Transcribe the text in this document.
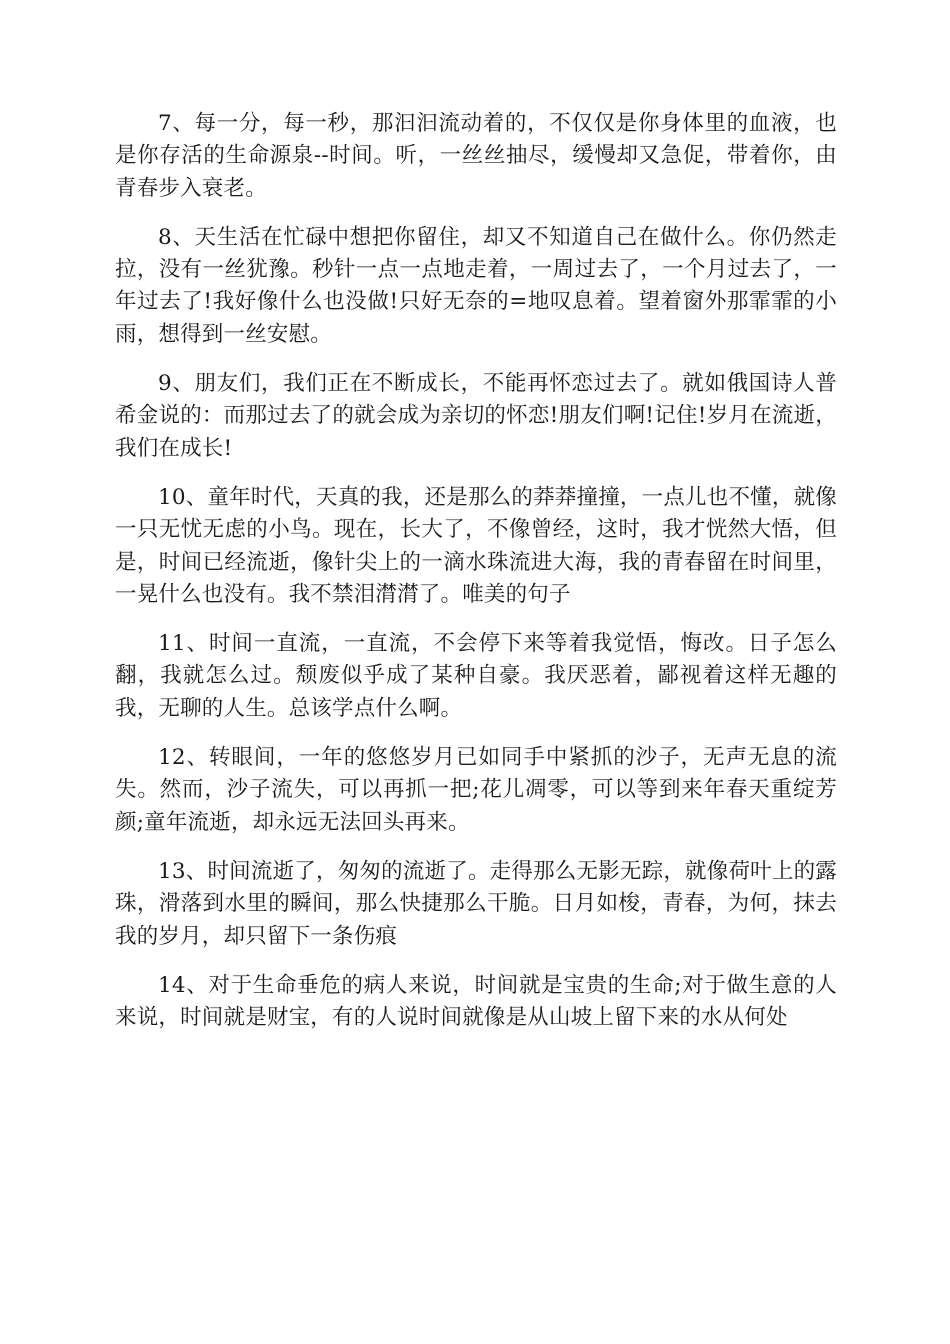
7、每一分，每一秒，那汩汩流动着的，不仅仅是你身体里的血液，也是你存活的生命源泉--时间。听，一丝丝抽尽，缓慢却又急促，带着你，由青春步入衰老。

8、天生活在忙碌中想把你留住，却又不知道自己在做什么。你仍然走拉，没有一丝犹豫。秒针一点一点地走着，一周过去了，一个月过去了，一年过去了!我好像什么也没做!只好无奈的=地叹息着。望着窗外那霏霏的小雨，想得到一丝安慰。

9、朋友们，我们正在不断成长，不能再怀恋过去了。就如俄国诗人普希金说的：而那过去了的就会成为亲切的怀恋!朋友们啊!记住!岁月在流逝，我们在成长!

10、童年时代，天真的我，还是那么的莽莽撞撞，一点儿也不懂，就像一只无忧无虑的小鸟。现在，长大了，不像曾经，这时，我才恍然大悟，但是，时间已经流逝，像针尖上的一滴水珠流进大海，我的青春留在时间里，一晃什么也没有。我不禁泪潸潸了。唯美的句子

11、时间一直流，一直流，不会停下来等着我觉悟，悔改。日子怎么翻，我就怎么过。颓废似乎成了某种自豪。我厌恶着，鄙视着这样无趣的我，无聊的人生。总该学点什么啊。

12、转眼间，一年的悠悠岁月已如同手中紧抓的沙子，无声无息的流失。然而，沙子流失，可以再抓一把;花儿凋零，可以等到来年春天重绽芳颜;童年流逝，却永远无法回头再来。

13、时间流逝了，匆匆的流逝了。走得那么无影无踪，就像荷叶上的露珠，滑落到水里的瞬间，那么快捷那么干脆。日月如梭，青春，为何，抹去我的岁月，却只留下一条伤痕

14、对于生命垂危的病人来说，时间就是宝贵的生命;对于做生意的人来说，时间就是财宝，有的人说时间就像是从山坡上留下来的水从何处
